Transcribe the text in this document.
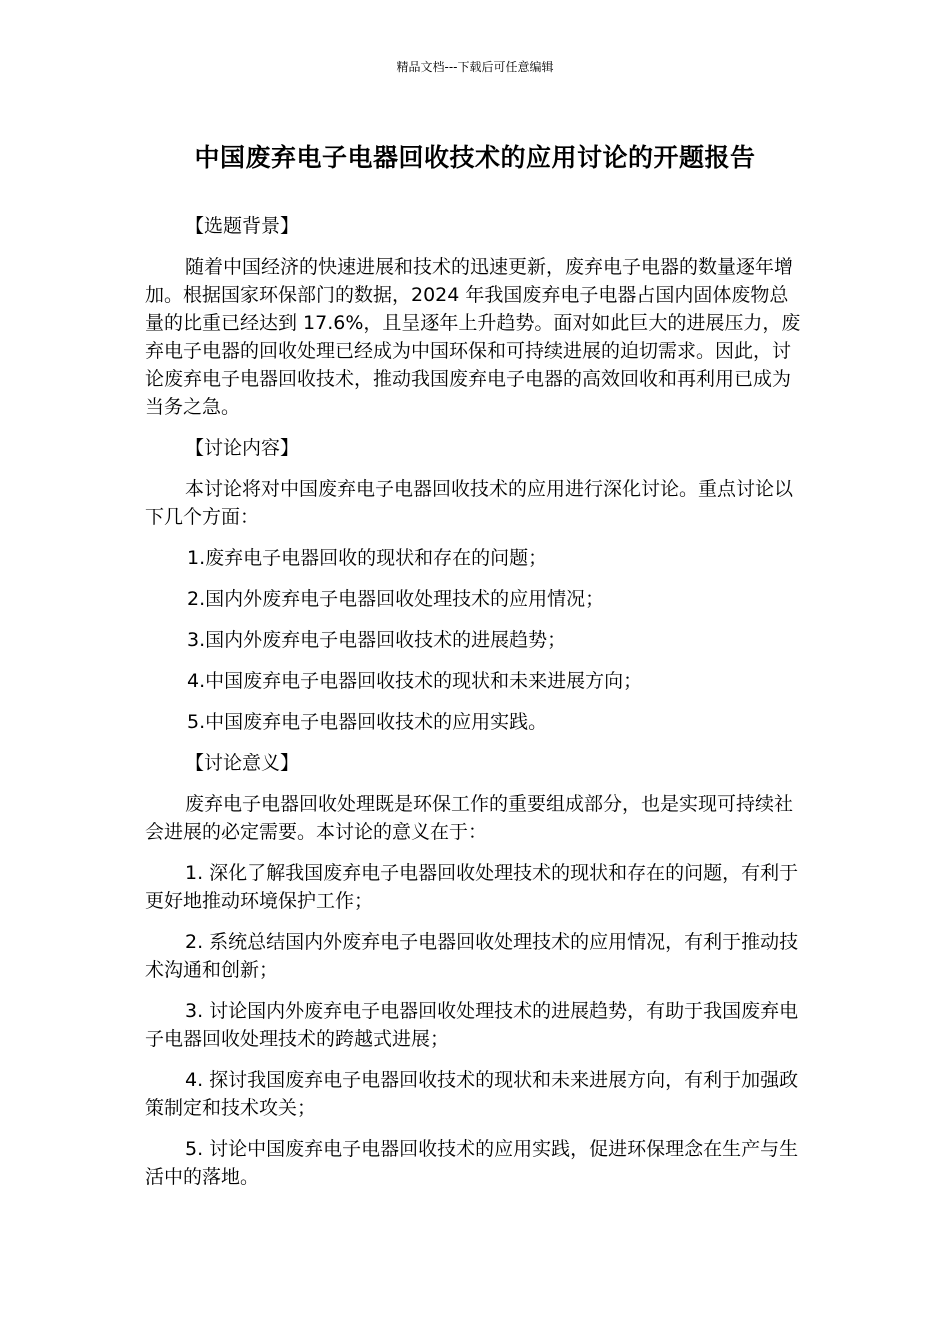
精品文档---下载后可任意编辑
中国废弃电子电器回收技术的应用讨论的开题报告

【选题背景】

随着中国经济的快速进展和技术的迅速更新，废弃电子电器的数量逐年增加。根据国家环保部门的数据，2024 年我国废弃电子电器占国内固体废物总量的比重已经达到 17.6%，且呈逐年上升趋势。面对如此巨大的进展压力，废弃电子电器的回收处理已经成为中国环保和可持续进展的迫切需求。因此，讨论废弃电子电器回收技术，推动我国废弃电子电器的高效回收和再利用已成为当务之急。

【讨论内容】

本讨论将对中国废弃电子电器回收技术的应用进行深化讨论。重点讨论以下几个方面：

1.废弃电子电器回收的现状和存在的问题；

2.国内外废弃电子电器回收处理技术的应用情况；

3.国内外废弃电子电器回收技术的进展趋势；

4.中国废弃电子电器回收技术的现状和未来进展方向；

5.中国废弃电子电器回收技术的应用实践。

【讨论意义】

废弃电子电器回收处理既是环保工作的重要组成部分，也是实现可持续社会进展的必定需要。本讨论的意义在于：

1. 深化了解我国废弃电子电器回收处理技术的现状和存在的问题，有利于更好地推动环境保护工作；

2. 系统总结国内外废弃电子电器回收处理技术的应用情况，有利于推动技术沟通和创新；

3. 讨论国内外废弃电子电器回收处理技术的进展趋势，有助于我国废弃电子电器回收处理技术的跨越式进展；

4. 探讨我国废弃电子电器回收技术的现状和未来进展方向，有利于加强政策制定和技术攻关；

5. 讨论中国废弃电子电器回收技术的应用实践，促进环保理念在生产与生活中的落地。
